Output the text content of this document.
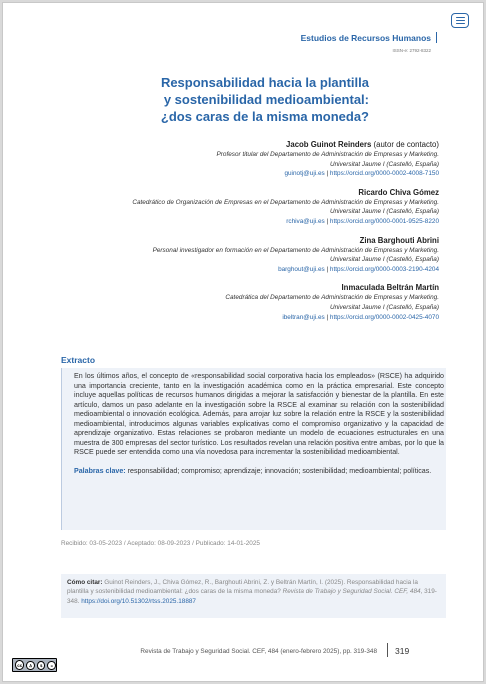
Estudios de Recursos Humanos
ISSN-e: 2792-8322
Responsabilidad hacia la plantilla
y sostenibilidad medioambiental:
¿dos caras de la misma moneda?
Jacob Guinot Reinders (autor de contacto)
Profesor titular del Departamento de Administración de Empresas y Marketing.
Universitat Jaume I (Castelló, España)
guinotj@uji.es | https://orcid.org/0000-0002-4008-7150
Ricardo Chiva Gómez
Catedrático de Organización de Empresas en el Departamento de Administración de Empresas y Marketing.
Universitat Jaume I (Castelló, España)
rchiva@uji.es | https://orcid.org/0000-0001-9525-8220
Zina Barghouti Abrini
Personal investigador en formación en el Departamento de Administración de Empresas y Marketing.
Universitat Jaume I (Castelló, España)
barghout@uji.es | https://orcid.org/0000-0003-2190-4204
Inmaculada Beltrán Martín
Catedrática del Departamento de Administración de Empresas y Marketing.
Universitat Jaume I (Castelló, España)
ibeltran@uji.es | https://orcid.org/0000-0002-0425-4070
Extracto

En los últimos años, el concepto de «responsabilidad social corporativa hacia los empleados» (RSCE) ha adquirido una importancia creciente, tanto en la investigación académica como en la práctica empresarial. Este concepto incluye aquellas políticas de recursos humanos dirigidas a mejorar la satisfacción y bienestar de la plantilla. En este artículo, damos un paso adelante en la investigación sobre la RSCE al examinar su relación con la sostenibilidad medioambiental o innovación ecológica. Además, para arrojar luz sobre la relación entre la RSCE y la sostenibilidad medioambiental, introducimos algunas variables explicativas como el compromiso organizativo y la capacidad de aprendizaje organizativo. Estas relaciones se probaron mediante un modelo de ecuaciones estructurales en una muestra de 300 empresas del sector turístico. Los resultados revelan una relación positiva entre ambas, por lo que la RSCE puede ser entendida como una vía novedosa para incrementar la sostenibilidad medioambiental.

Palabras clave: responsabilidad; compromiso; aprendizaje; innovación; sostenibilidad; medioambiental; políticas.

Recibido: 03-05-2023 / Aceptado: 08-09-2023 / Publicado: 14-01-2025
Cómo citar: Guinot Reinders, J., Chiva Gómez, R., Barghouti Abrini, Z. y Beltrán Martín, I. (2025). Responsabilidad hacia la plantilla y sostenibilidad medioambiental: ¿dos caras de la misma moneda? Revista de Trabajo y Seguridad Social. CEF, 484, 319-348. https://doi.org/10.51302/rtss.2025.18887
Revista de Trabajo y Seguridad Social. CEF, 484 (enero-febrero 2025), pp. 319-348 319
cc	♙	$	=
